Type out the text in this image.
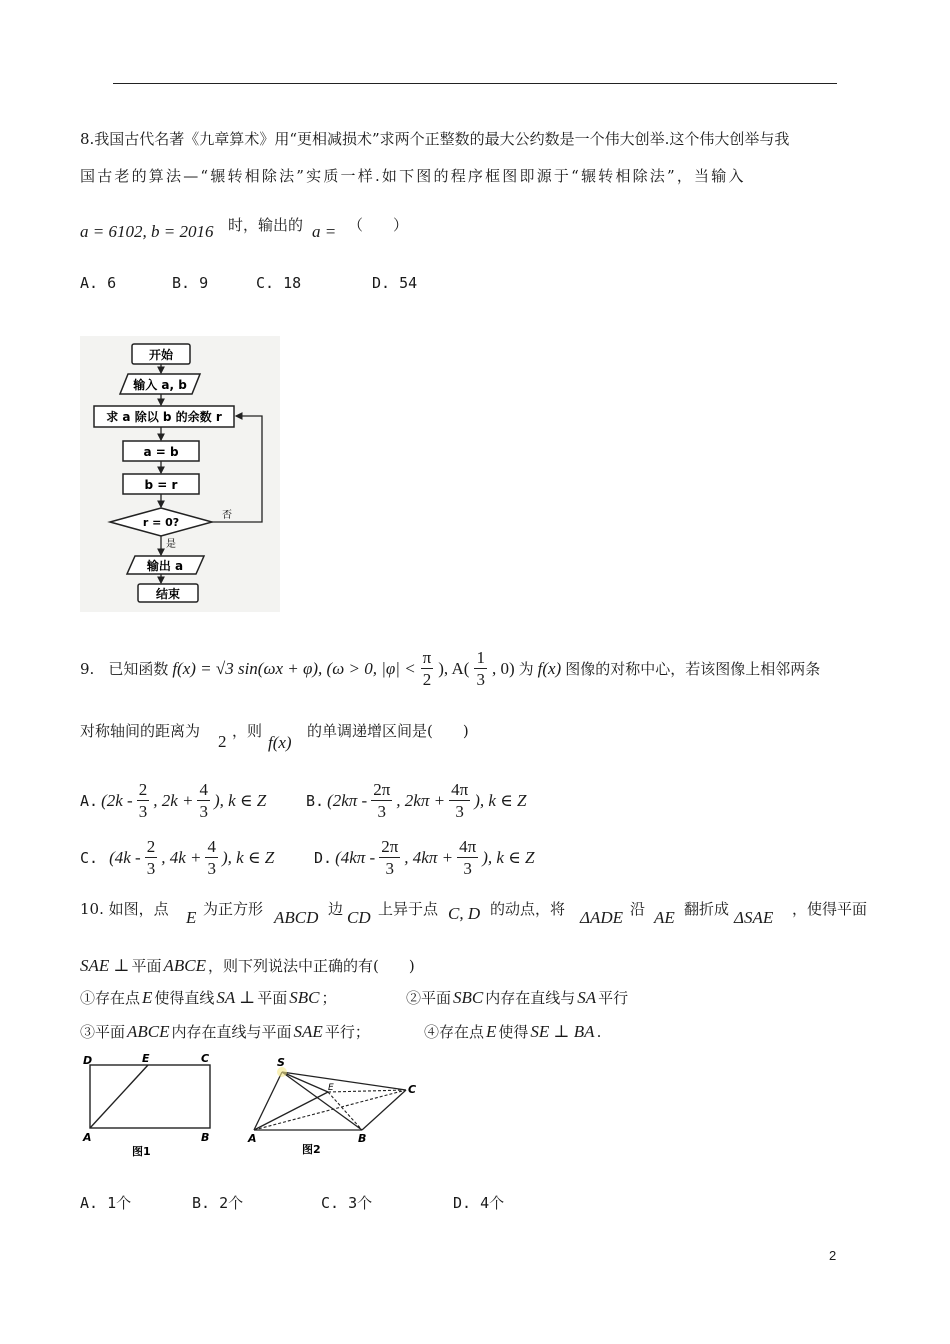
8.我国古代名著《九章算术》用“更相减损术”求两个正整数的最大公约数是一个伟大创举.这个伟大创举与我
国古老的算法—“辗转相除法”实质一样.如下图的程序框图即源于“辗转相除法”，当输入
a = 6102, b = 2016 时，输出的 a = （　　）
A. 6	B. 9	C. 18	D. 54
开始
输入 a, b
求 a 除以 b 的余数 r
a = b
b = r
r = 0?
否
是
输出 a
结束
9. 已知函数 f(x) = √3 sin(ωx + φ), (ω > 0, $|\varphi| < \frac{\pi}{2}$ ), $A( \frac{1}{3}$ , 0) 为 f(x) 图像的对称中心，若该图像上相邻两条
对称轴间的距离为
2
，则
f(x)
的单调递增区间是(　　)
A. ($2k - \frac{2}{3}$ , $2k + \frac{4}{3}$ ), k ∈ Z	B. ($2k\pi - \frac{2\pi}{3}$ , $2k\pi + \frac{4\pi}{3}$ ), k ∈ Z
C. ($4k - \frac{2}{3}$ , $4k + \frac{4}{3}$ ), k ∈ Z	D. ($4k\pi - \frac{2\pi}{3}$ , $4k\pi + \frac{4\pi}{3}$ ), k ∈ Z
10. 如图，点 E 为正方形 ABCD 边 CD 上异于点 C, D 的动点，将 ΔADE 沿 AE 翻折成 ΔSAE ，使得平面
SAE ⊥ 平面 ABCE ，则下列说法中正确的有(　　)
①存在点 E 使得直线 SA ⊥ 平面 SBC ；	②平面 SBC 内存在直线与 SA 平行
③平面 ABCE 内存在直线与平面 SAE 平行；	④存在点 E 使得 SE ⊥ BA .
D	E	C
A	B
图1
S
E	C
A	B
图2
A. 1个	B. 2个	C. 3个	D. 4个
2
